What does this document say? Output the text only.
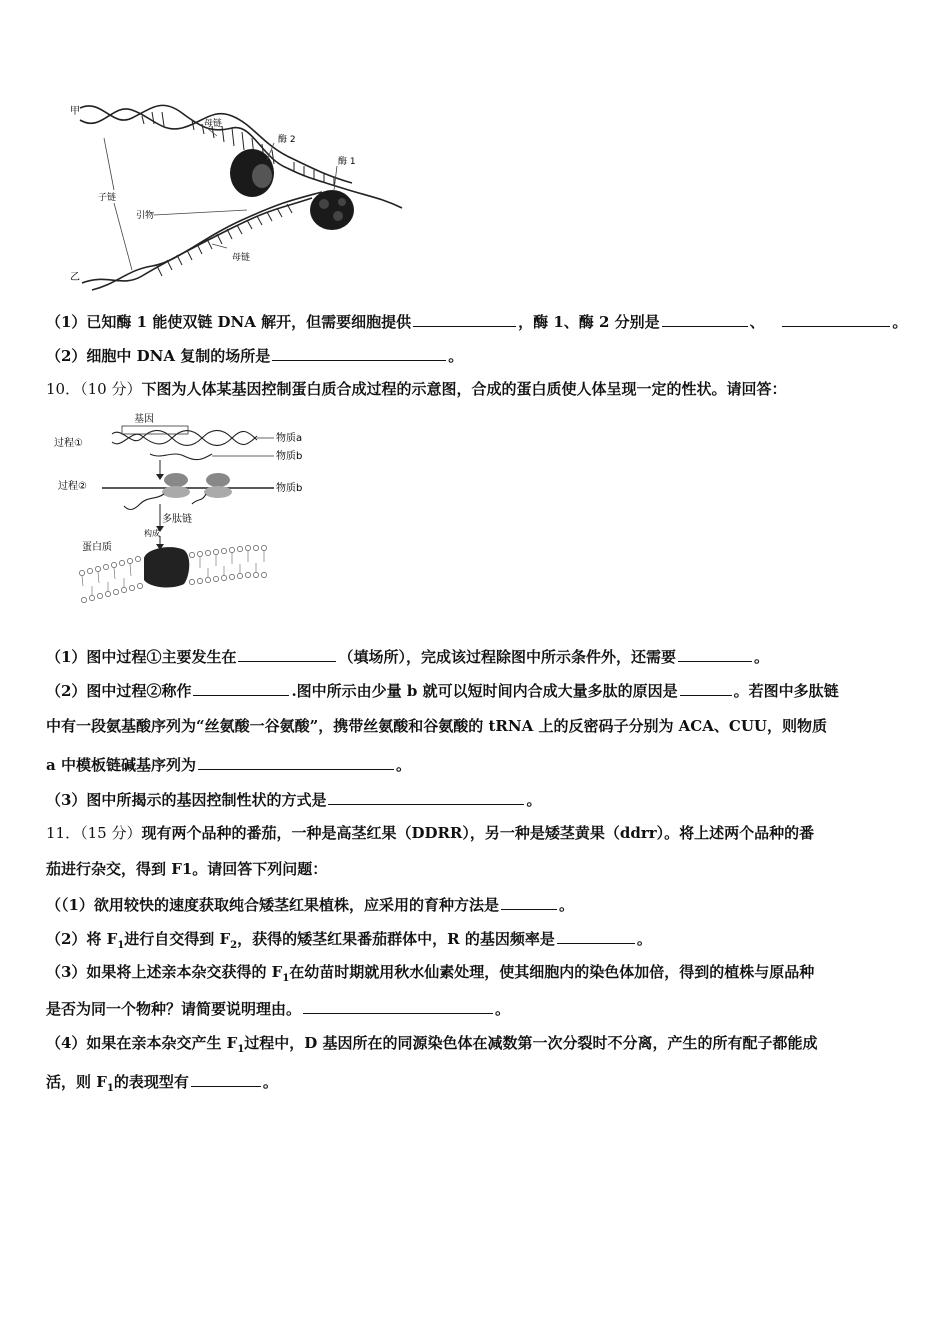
甲
乙
母链
母链
子链
引物
酶 2
酶 1
（1）已知酶 1 能使双链 DNA 解开，但需要细胞提供	，酶 1、酶 2 分别是	、	。
（2）细胞中 DNA 复制的场所是	。
10．（10 分）下图为人体某基因控制蛋白质合成过程的示意图，合成的蛋白质使人体呈现一定的性状。请回答：
基因
过程①	物质a
物质b
过程②	物质b
多肽链
构成
蛋白质
（1）图中过程①主要发生在	（填场所），完成该过程除图中所示条件外，还需要	。
（2）图中过程②称作	.图中所示由少量 b 就可以短时间内合成大量多肽的原因是	。若图中多肽链
中有一段氨基酸序列为“丝氨酸一谷氨酸”，携带丝氨酸和谷氨酸的 tRNA 上的反密码子分别为 ACA、CUU，则物质
a 中模板链碱基序列为	。
（3）图中所揭示的基因控制性状的方式是	。
11．（15 分）现有两个品种的番茄，一种是高茎红果（DDRR），另一种是矮茎黄果（ddrr）。将上述两个品种的番
茄进行杂交，得到 F1。请回答下列问题：
（（1）欲用较快的速度获取纯合矮茎红果植株，应采用的育种方法是	。
（2）将 $F_1$进行自交得到 $F_2$，获得的矮茎红果番茄群体中，R 的基因频率是	。
（3）如果将上述亲本杂交获得的 $F_1$在幼苗时期就用秋水仙素处理，使其细胞内的染色体加倍，得到的植株与原品种
是否为同一个物种？请简要说明理由。	。
（4）如果在亲本杂交产生 $F_1$过程中，D 基因所在的同源染色体在减数第一次分裂时不分离，产生的所有配子都能成
活，则 $F_1$的表现型有	。
